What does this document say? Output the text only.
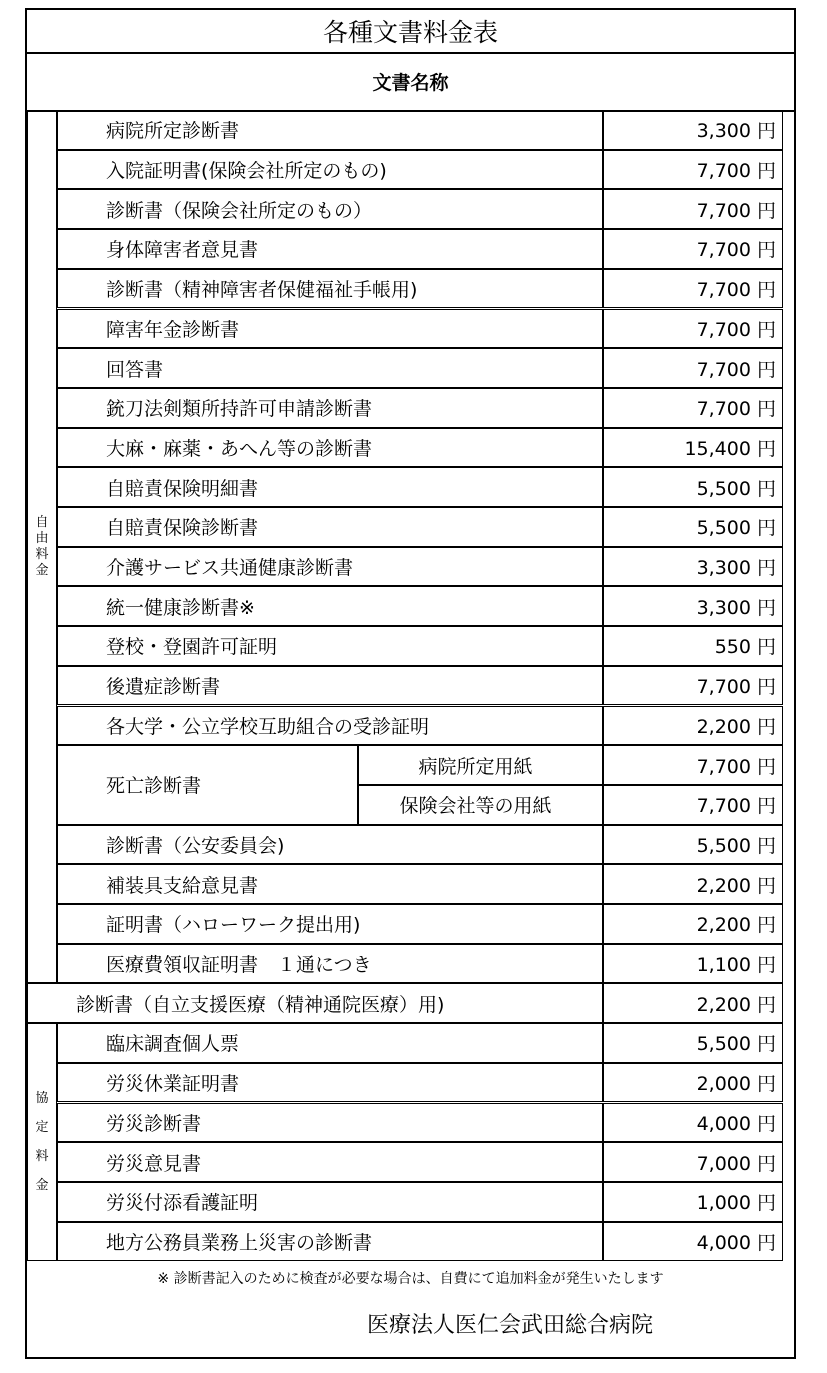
各種文書料金表
文書名称
病院所定診断書	3,300 円
入院証明書(保険会社所定のもの)	7,700 円
診断書（保険会社所定のもの）	7,700 円
身体障害者意見書	7,700 円
診断書（精神障害者保健福祉手帳用)	7,700 円
障害年金診断書	7,700 円
回答書	7,700 円
銃刀法剣類所持許可申請診断書	7,700 円
大麻・麻薬・あへん等の診断書	15,400 円
自賠責保険明細書	5,500 円
自賠責保険診断書	5,500 円
介護サービス共通健康診断書	3,300 円
統一健康診断書※	3,300 円
登校・登園許可証明	550 円
後遺症診断書	7,700 円
各大学・公立学校互助組合の受診証明	2,200 円
死亡診断書
病院所定用紙	7,700 円
保険会社等の用紙	7,700 円
診断書（公安委員会)	5,500 円
補装具支給意見書	2,200 円
証明書（ハローワーク提出用)	2,200 円
医療費領収証明書　１通につき	1,100 円
診断書（自立支援医療（精神通院医療）用)	2,200 円
臨床調査個人票	5,500 円
労災休業証明書	2,000 円
労災診断書	4,000 円
労災意見書	7,000 円
労災付添看護証明	1,000 円
地方公務員業務上災害の診断書	4,000 円
自
由
料
金
協
定
料
金
※ 診断書記入のために検査が必要な場合は、自費にて追加料金が発生いたします
医療法人医仁会武田総合病院
